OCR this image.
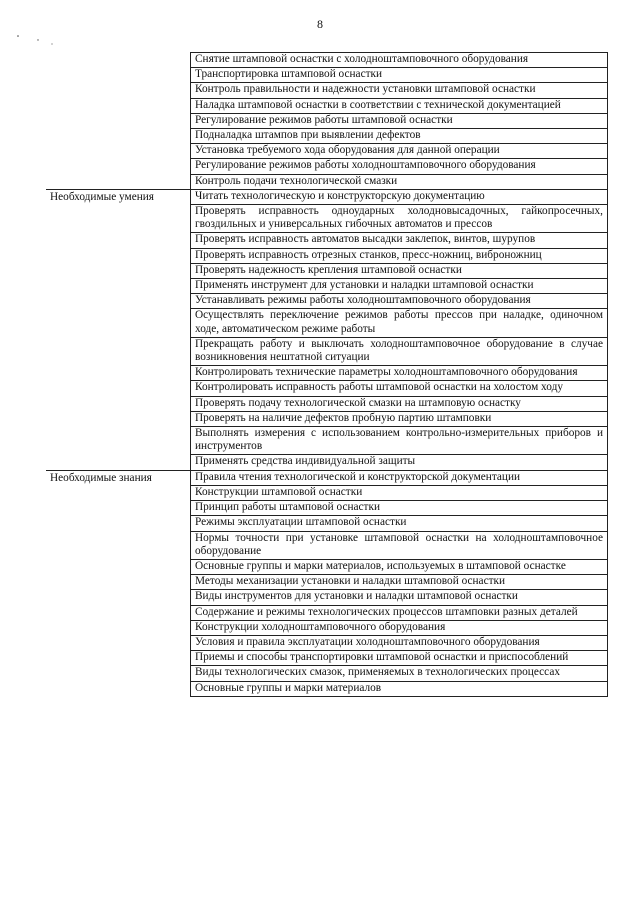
8
	Снятие штамповой оснастки с холодноштамповочного оборудования
	Транспортировка штамповой оснастки
	Контроль правильности и надежности установки штамповой оснастки
	Наладка штамповой оснастки в соответствии с технической документацией
	Регулирование режимов работы штамповой оснастки
	Подналадка штампов при выявлении дефектов
	Установка требуемого хода оборудования для данной операции
	Регулирование режимов работы холодноштамповочного оборудования
	Контроль подачи технологической смазки
Необходимые умения	Читать технологическую и конструкторскую документацию
	Проверять исправность одноударных холодновысадочных, гайкопросечных, гвоздильных и универсальных гибочных автоматов и прессов
	Проверять исправность автоматов высадки заклепок, винтов, шурупов
	Проверять исправность отрезных станков, пресс-ножниц, виброножниц
	Проверять надежность крепления штамповой оснастки
	Применять инструмент для установки и наладки штамповой оснастки
	Устанавливать режимы работы холодноштамповочного оборудования
	Осуществлять переключение режимов работы прессов при наладке, одиночном ходе, автоматическом режиме работы
	Прекращать работу и выключать холодноштамповочное оборудование в случае возникновения нештатной ситуации
	Контролировать технические параметры холодноштамповочного оборудования
	Контролировать исправность работы штамповой оснастки на холостом ходу
	Проверять подачу технологической смазки на штамповую оснастку
	Проверять на наличие дефектов пробную партию штамповки
	Выполнять измерения с использованием контрольно-измерительных приборов и инструментов
	Применять средства индивидуальной защиты
Необходимые знания	Правила чтения технологической и конструкторской документации
	Конструкции штамповой оснастки
	Принцип работы штамповой оснастки
	Режимы эксплуатации штамповой оснастки
	Нормы точности при установке штамповой оснастки на холодноштамповочное оборудование
	Основные группы и марки материалов, используемых в штамповой оснастке
	Методы механизации установки и наладки штамповой оснастки
	Виды инструментов для установки и наладки штамповой оснастки
	Содержание и режимы технологических процессов штамповки разных деталей
	Конструкции холодноштамповочного оборудования
	Условия и правила эксплуатации холодноштамповочного оборудования
	Приемы и способы транспортировки штамповой оснастки и приспособлений
	Виды технологических смазок, применяемых в технологических процессах
	Основные группы и марки материалов
